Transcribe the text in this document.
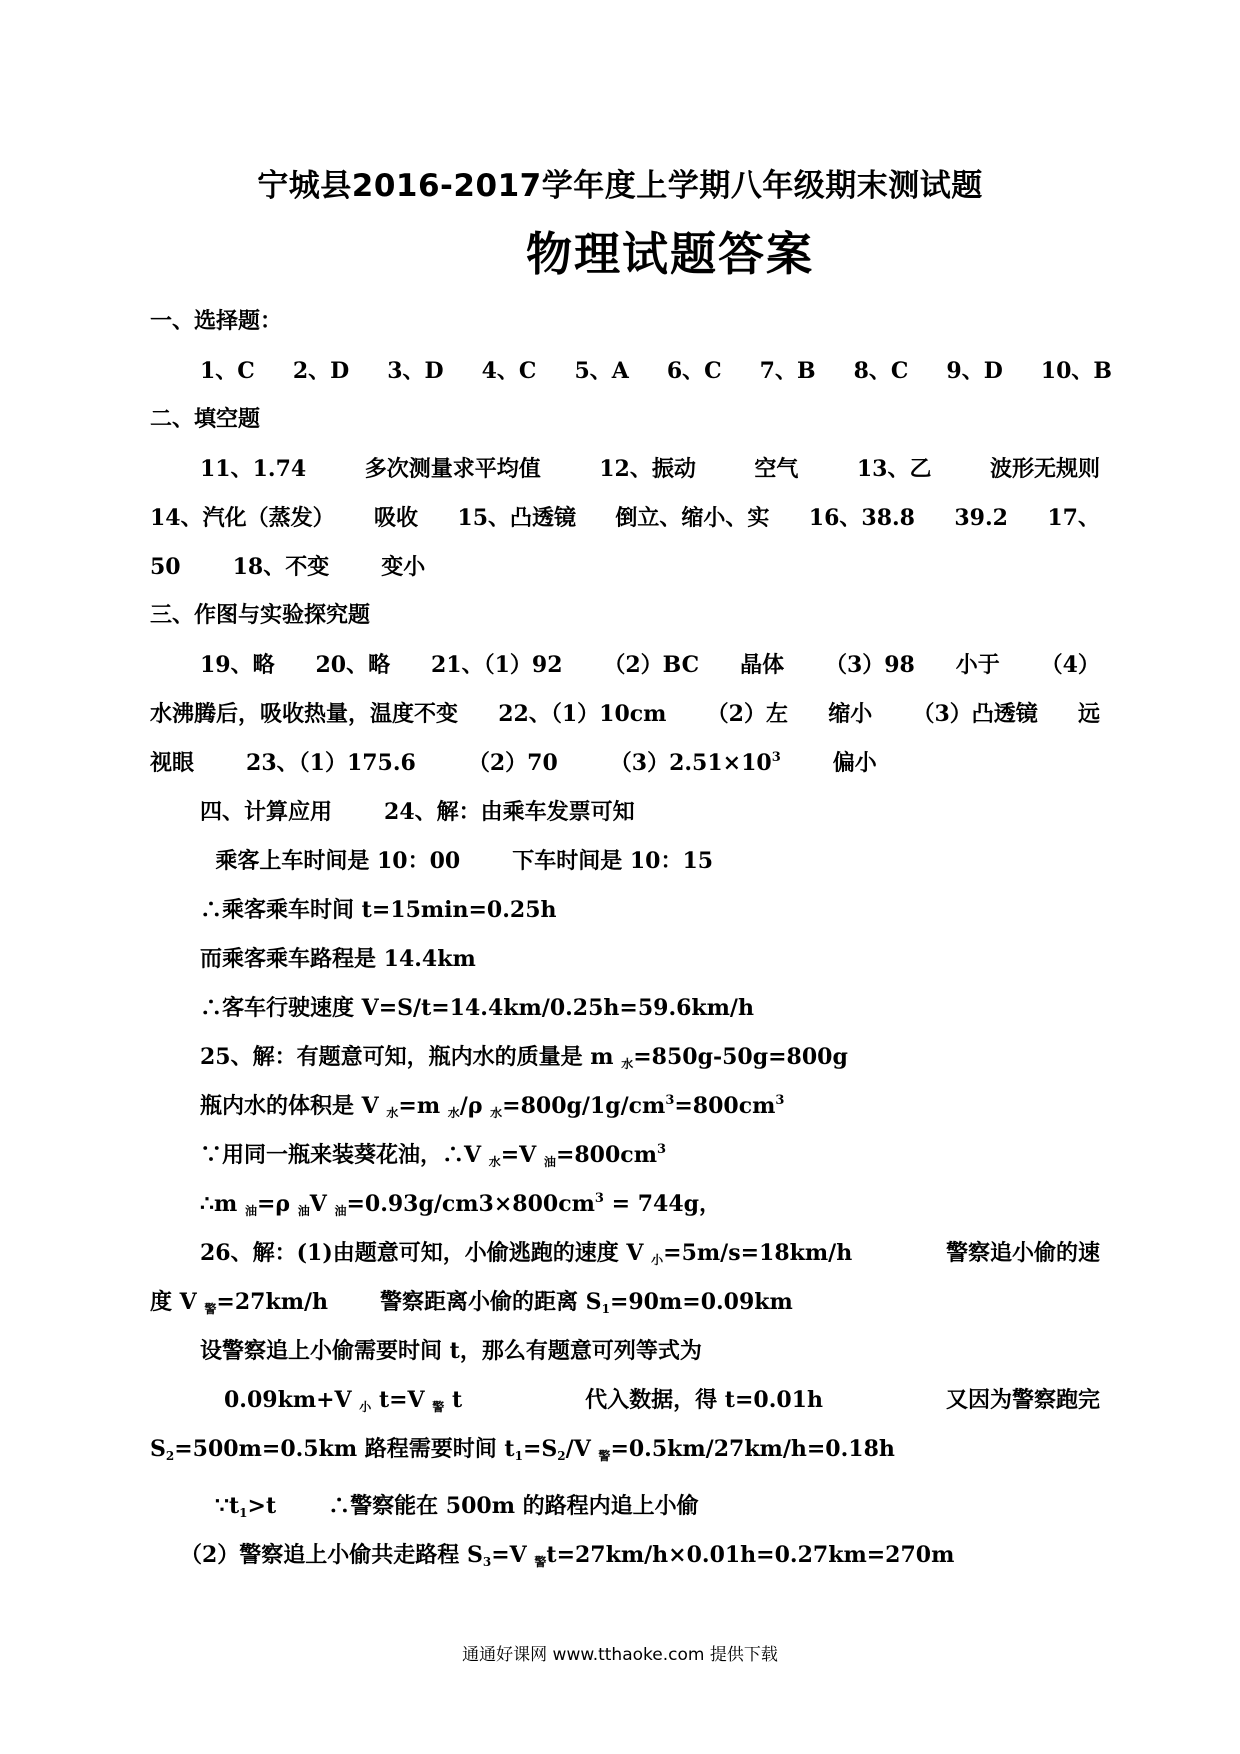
宁城县2016-2017学年度上学期八年级期末测试题
物理试题答案
一、选择题：
1、C 2、D 3、D 4、C 5、A 6、C 7、B 8、C 9、D 10、B
二、填空题
11、1.74	多次测量求平均值	12、振动	空气	13、乙	波形无规则
14、汽化（蒸发） 吸收 15、凸透镜 倒立、缩小、实 16、38.8 39.2 17、
50 18、不变 变小
三、作图与实验探究题
19、略 20、略 21、（1）92 （2）BC 晶体 （3）98 小于 （4）
水沸腾后，吸收热量，温度不变 22、（1）10cm （2）左 缩小 （3）凸透镜 远
视眼 23、（1）175.6 （2）70 $(3)2.51\times 10^3$ 偏小
四、计算应用 24、解：由乘车发票可知
乘客上车时间是 10：00 下车时间是 10：15
∴乘客乘车时间 t=15min=0.25h
而乘客乘车路程是 14.4km
∴客车行驶速度 V=S/t=14.4km/0.25h=59.6km/h
25、解：有题意可知，瓶内水的质量是 m $_水$=850g-50g=800g
瓶内水的体积是 V $_水$=m $_水$/ρ $_水=800g/1g/cm^3=800cm^3$
∵用同一瓶来装葵花油，∴V $_水$=V $_油=800cm^3$
∴m $_油$=ρ $_油$V $_油=0.93g/cm3\times 800cm^3 = 744g$，
26、解：(1)由题意可知，小偷逃跑的速度 V $_小$=5m/s=18km/h	警察追小偷的速
度 V $_警$=27km/h 警察距离小偷的距离 $S_1=90m=0.09km$
设警察追上小偷需要时间 t，那么有题意可列等式为
0.09km+V $_小$ t=V $_警$ t	代入数据，得 t=0.01h	又因为警察跑完
$S_2=500m=0.5km$ 路程需要时间 $t_1=S_2/V$ $_警$=0.5km/27km/h=0.18h
$\because t_1>t$ ∴警察能在 500m 的路程内追上小偷
（2）警察追上小偷共走路程 $S_3=V$ $_警$t=27km/h×0.01h=0.27km=270m
通通好课网 www.tthaoke.com 提供下载
